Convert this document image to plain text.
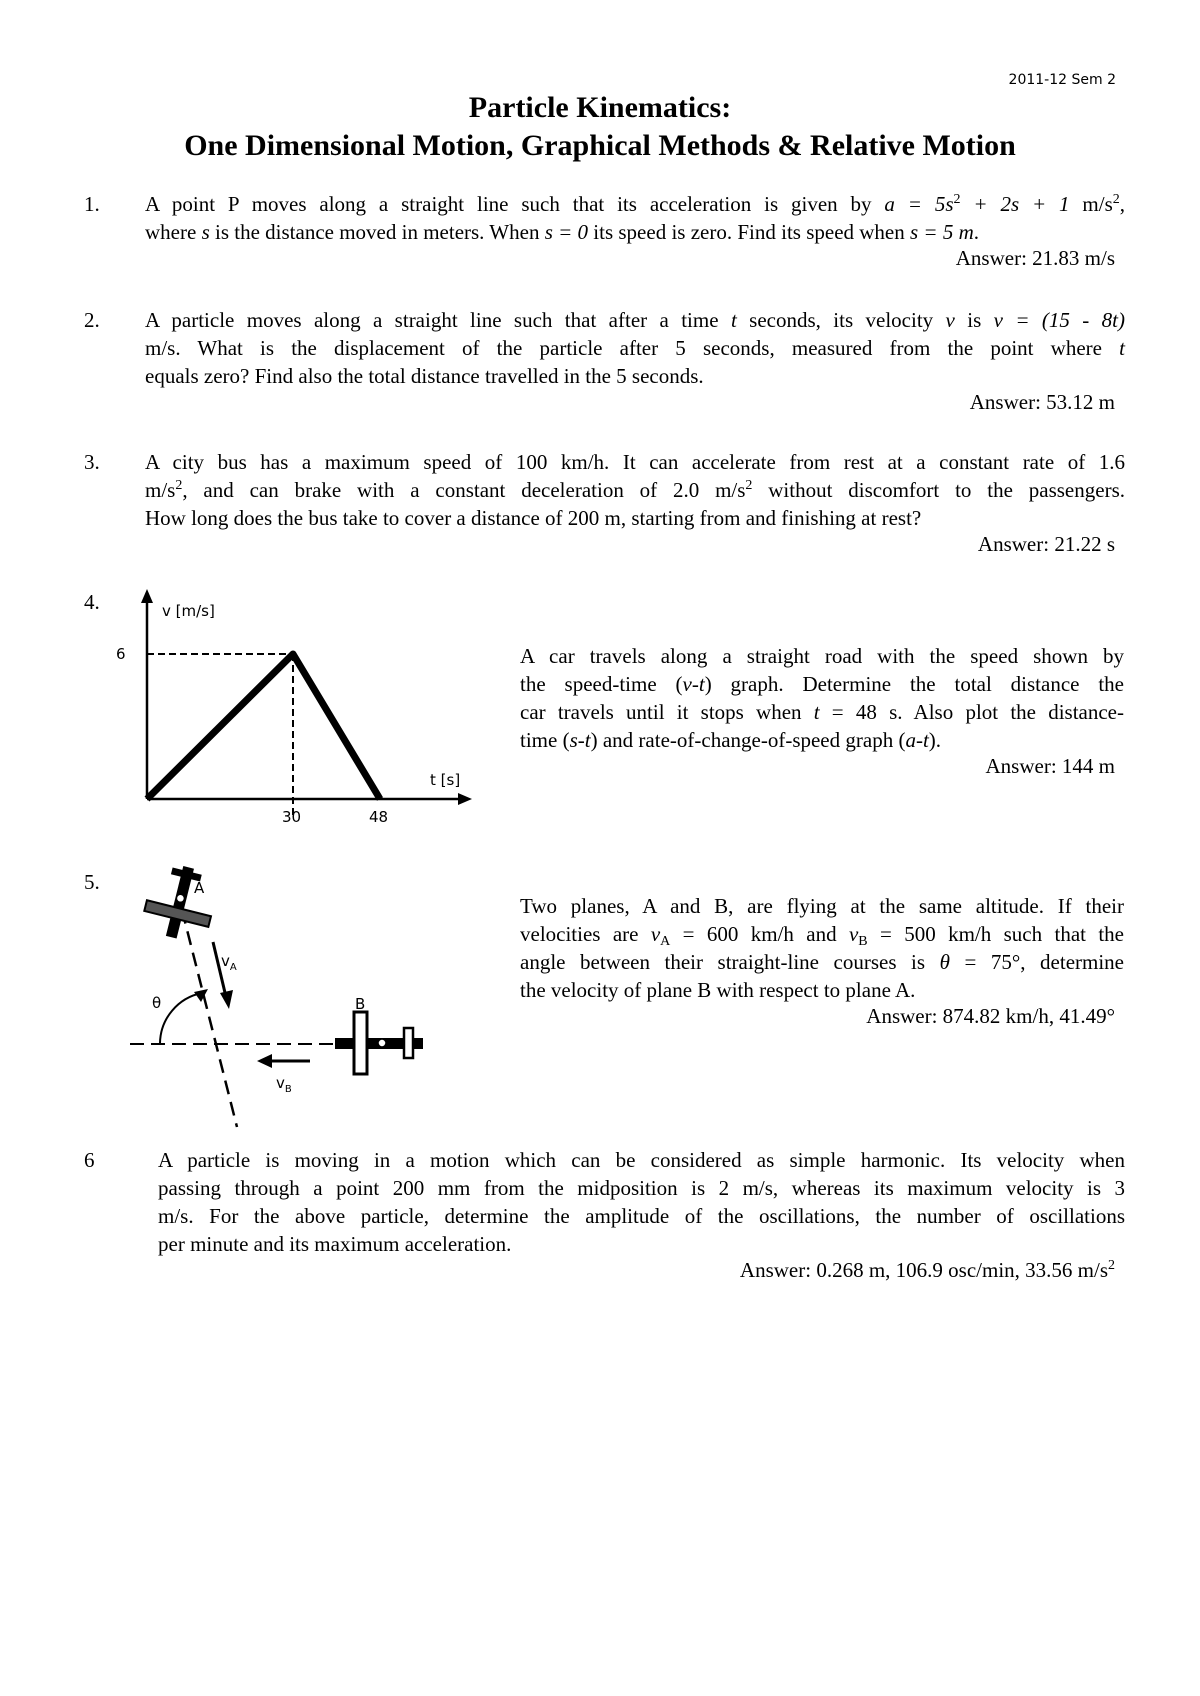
2011-12 Sem 2
Particle Kinematics:
One Dimensional Motion, Graphical Methods & Relative Motion
1. A point P moves along a straight line such that its acceleration is given by $a = 5s^2 + 2s + 1$ $m/s^2$,
where s is the distance moved in meters. When s = 0 its speed is zero. Find its speed when s = 5 m.
Answer: 21.83 m/s
2. A particle moves along a straight line such that after a time t seconds, its velocity v is v = (15 - 8t)
m/s. What is the displacement of the particle after 5 seconds, measured from the point where t
equals zero? Find also the total distance travelled in the 5 seconds.
Answer: 53.12 m
3. A city bus has a maximum speed of 100 km/h. It can accelerate from rest at a constant rate of 1.6
$m/s^2$, and can brake with a constant deceleration of 2.0 $m/s^2$ without discomfort to the passengers.
How long does the bus take to cover a distance of 200 m, starting from and finishing at rest?
Answer: 21.22 s
4.	v [m/s]
t [s]
6
30	48
A car travels along a straight road with the speed shown by
the speed-time (v-t) graph. Determine the total distance the
car travels until it stops when t = 48 s. Also plot the distance-
time (s-t) and rate-of-change-of-speed graph (a-t).
Answer: 144 m
5.	A
$v_A$
θ	B
$v_B$
Two planes, A and B, are flying at the same altitude. If their
velocities are $v_A = 600$ km/h and $v_B = 500$ km/h such that the
angle between their straight-line courses is θ = 75°, determine
the velocity of plane B with respect to plane A.
Answer: 874.82 km/h, 41.49°
6	A particle is moving in a motion which can be considered as simple harmonic. Its velocity when
passing through a point 200 mm from the midposition is 2 m/s, whereas its maximum velocity is 3
m/s. For the above particle, determine the amplitude of the oscillations, the number of oscillations
per minute and its maximum acceleration.
Answer: 0.268 m, 106.9 osc/min, 33.56 $m/s^2$
